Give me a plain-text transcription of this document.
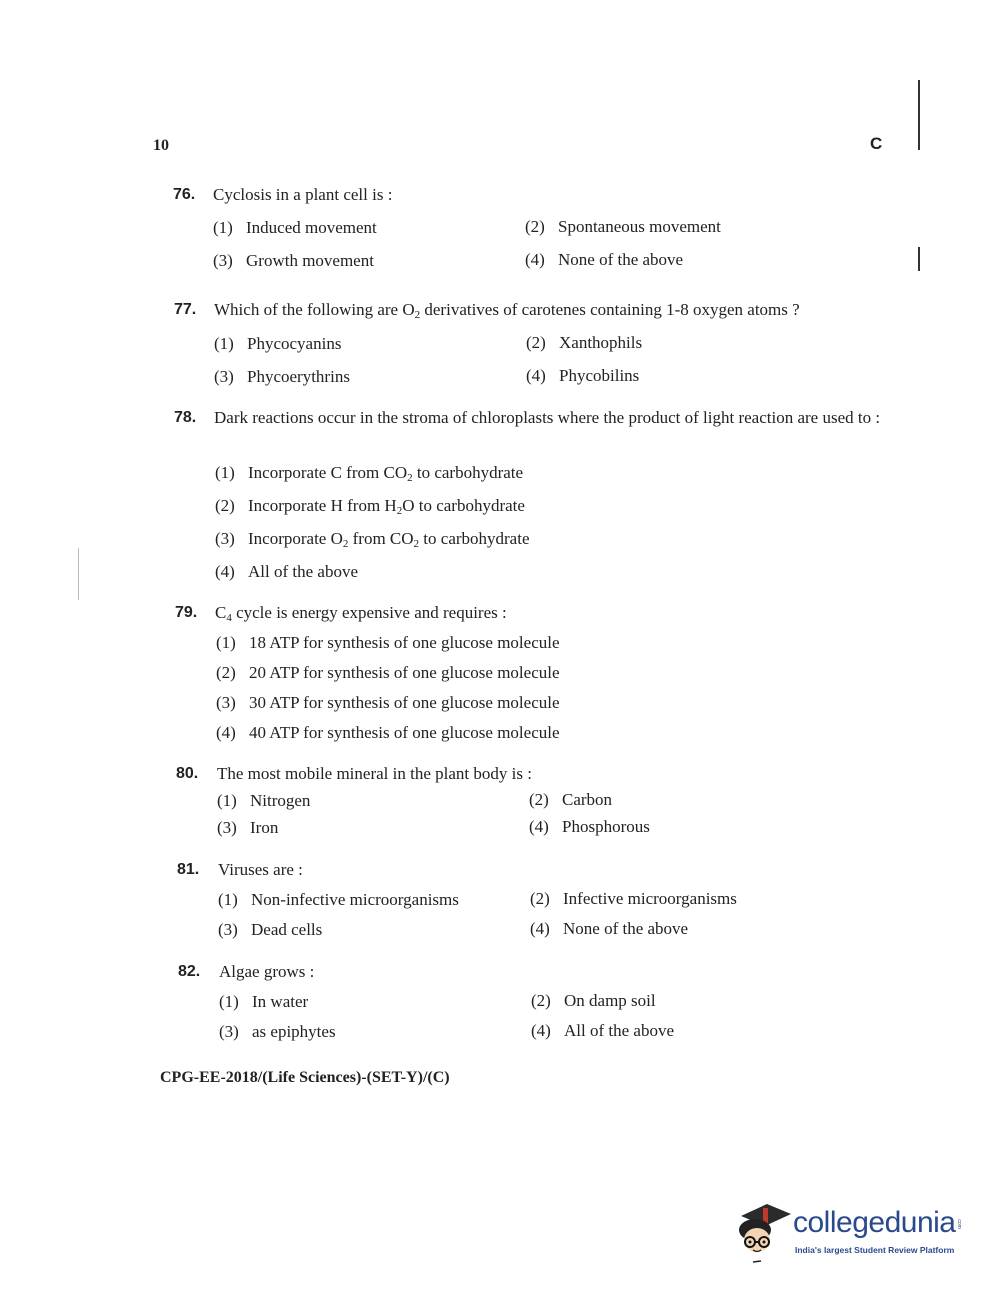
10	C
76. Cyclosis in a plant cell is :
(1) Induced movement	(2) Spontaneous movement
(3) Growth movement	(4) None of the above
77. Which of the following are $O_2$ derivatives of carotenes containing 1-8 oxygen atoms ?
(1) Phycocyanins	(2) Xanthophils
(3) Phycoerythrins	(4) Phycobilins
78. Dark reactions occur in the stroma of chloroplasts where the product of light reaction are used to :
(1) Incorporate C from $CO_2$ to carbohydrate
(2) Incorporate H from $H_2O$ to carbohydrate
(3) Incorporate $O_2$ from $CO_2$ to carbohydrate
(4) All of the above
79. $C_4$ cycle is energy expensive and requires :
(1) 18 ATP for synthesis of one glucose molecule
(2) 20 ATP for synthesis of one glucose molecule
(3) 30 ATP for synthesis of one glucose molecule
(4) 40 ATP for synthesis of one glucose molecule
80. The most mobile mineral in the plant body is :
(1) Nitrogen	(2) Carbon
(3) Iron	(4) Phosphorous
81. Viruses are :
(1) Non-infective microorganisms	(2) Infective microorganisms
(3) Dead cells	(4) None of the above
82. Algae grows :
(1) In water	(2) On damp soil
(3) as epiphytes	(4) All of the above
CPG-EE-2018/(Life Sciences)-(SET-Y)/(C)
collegedunia .com
India's largest Student Review Platform
